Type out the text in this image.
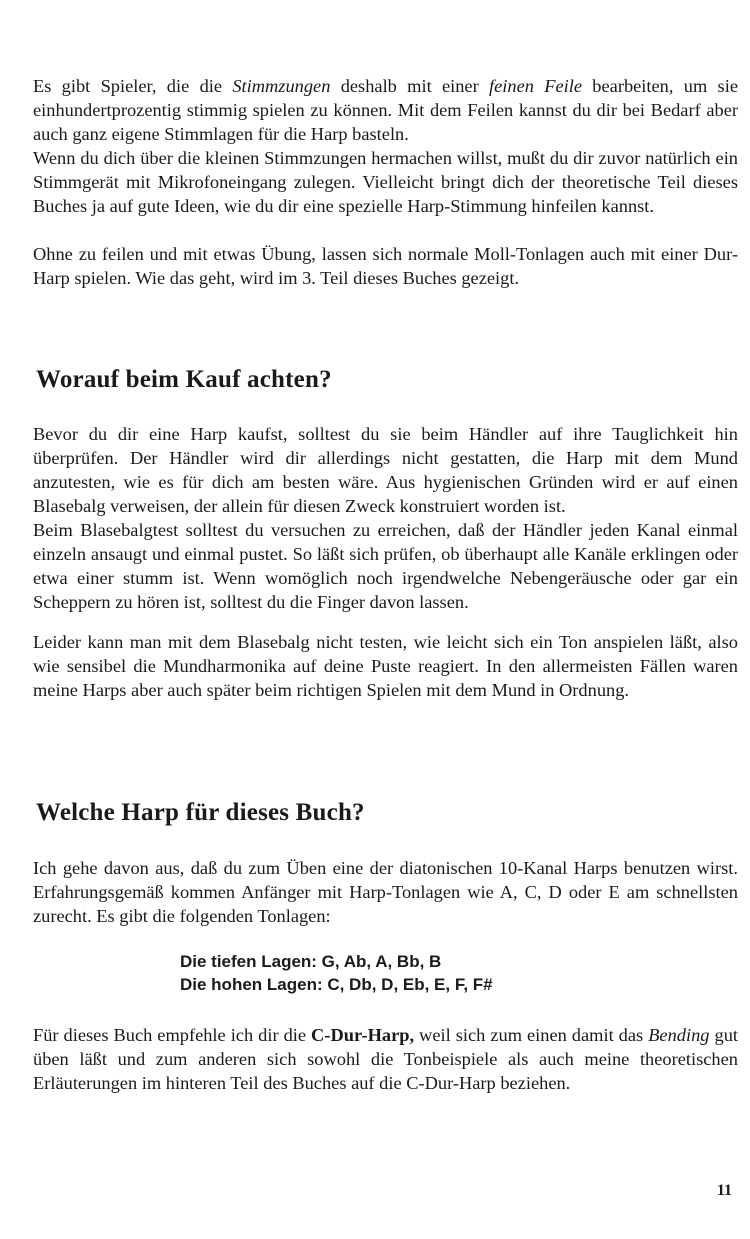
Es gibt Spieler, die die Stimmzungen deshalb mit einer feinen Feile bearbeiten, um sie einhundertprozentig stimmig spielen zu können. Mit dem Feilen kannst du dir bei Bedarf aber auch ganz eigene Stimmlagen für die Harp basteln.

Wenn du dich über die kleinen Stimmzungen hermachen willst, mußt du dir zuvor natürlich ein Stimmgerät mit Mikrofoneingang zulegen. Vielleicht bringt dich der theoretische Teil dieses Buches ja auf gute Ideen, wie du dir eine spezielle Harp-Stimmung hinfeilen kannst.

Ohne zu feilen und mit etwas Übung, lassen sich normale Moll-Tonlagen auch mit einer Dur-Harp spielen. Wie das geht, wird im 3. Teil dieses Buches gezeigt.

Worauf beim Kauf achten?

Bevor du dir eine Harp kaufst, solltest du sie beim Händler auf ihre Tauglichkeit hin überprüfen. Der Händler wird dir allerdings nicht gestatten, die Harp mit dem Mund anzutesten, wie es für dich am besten wäre. Aus hygienischen Gründen wird er auf einen Blasebalg verweisen, der allein für diesen Zweck konstruiert worden ist.

Beim Blasebalgtest solltest du versuchen zu erreichen, daß der Händler jeden Kanal einmal einzeln ansaugt und einmal pustet. So läßt sich prüfen, ob überhaupt alle Kanäle erklingen oder etwa einer stumm ist. Wenn womöglich noch irgendwelche Nebengeräusche oder gar ein Scheppern zu hören ist, solltest du die Finger davon lassen.

Leider kann man mit dem Blasebalg nicht testen, wie leicht sich ein Ton anspielen läßt, also wie sensibel die Mundharmonika auf deine Puste reagiert. In den allermeisten Fällen waren meine Harps aber auch später beim richtigen Spielen mit dem Mund in Ordnung.

Welche Harp für dieses Buch?

Ich gehe davon aus, daß du zum Üben eine der diatonischen 10-Kanal Harps benutzen wirst. Erfahrungsgemäß kommen Anfänger mit Harp-Tonlagen wie A, C, D oder E am schnellsten zurecht. Es gibt die folgenden Tonlagen:

Die tiefen Lagen: G, Ab, A, Bb, B

Die hohen Lagen: C, Db, D, Eb, E, F, F#

Für dieses Buch empfehle ich dir die C-Dur-Harp, weil sich zum einen damit das Bending gut üben läßt und zum anderen sich sowohl die Tonbeispiele als auch meine theoretischen Erläuterungen im hinteren Teil des Buches auf die C-Dur-Harp beziehen.

11
